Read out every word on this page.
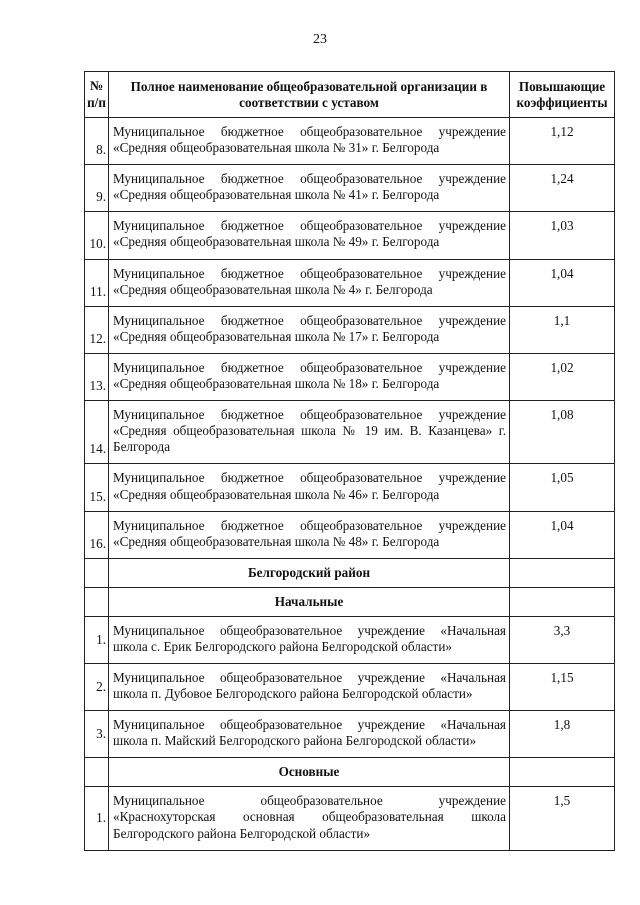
23
№ п/п	Полное наименование общеобразовательной организации в соответствии с уставом	Повышающие коэффициенты
8.	Муниципальное бюджетное общеобразовательное учреждение «Средняя общеобразовательная школа № 31» г. Белгорода	1,12
9.	Муниципальное бюджетное общеобразовательное учреждение «Средняя общеобразовательная школа № 41» г. Белгорода	1,24
10.	Муниципальное бюджетное общеобразовательное учреждение «Средняя общеобразовательная школа № 49» г. Белгорода	1,03
11.	Муниципальное бюджетное общеобразовательное учреждение «Средняя общеобразовательная школа № 4» г. Белгорода	1,04
12.	Муниципальное бюджетное общеобразовательное учреждение «Средняя общеобразовательная школа № 17» г. Белгорода	1,1
13.	Муниципальное бюджетное общеобразовательное учреждение «Средняя общеобразовательная школа № 18» г. Белгорода	1,02
14.	Муниципальное бюджетное общеобразовательное учреждение «Средняя общеобразовательная школа № 19 им. В. Казанцева» г. Белгорода	1,08
15.	Муниципальное бюджетное общеобразовательное учреждение «Средняя общеобразовательная школа № 46» г. Белгорода	1,05
16.	Муниципальное бюджетное общеобразовательное учреждение «Средняя общеобразовательная школа № 48» г. Белгорода	1,04
	Белгородский район	
	Начальные	
1.	Муниципальное общеобразовательное учреждение «Начальная школа с. Ерик Белгородского района Белгородской области»	3,3
2.	Муниципальное общеобразовательное учреждение «Начальная школа п. Дубовое Белгородского района Белгородской области»	1,15
3.	Муниципальное общеобразовательное учреждение «Начальная школа п. Майский Белгородского района Белгородской области»	1,8
	Основные	
1.	Муниципальное общеобразовательное учреждение «Краснохуторская основная общеобразовательная школа Белгородского района Белгородской области»	1,5
